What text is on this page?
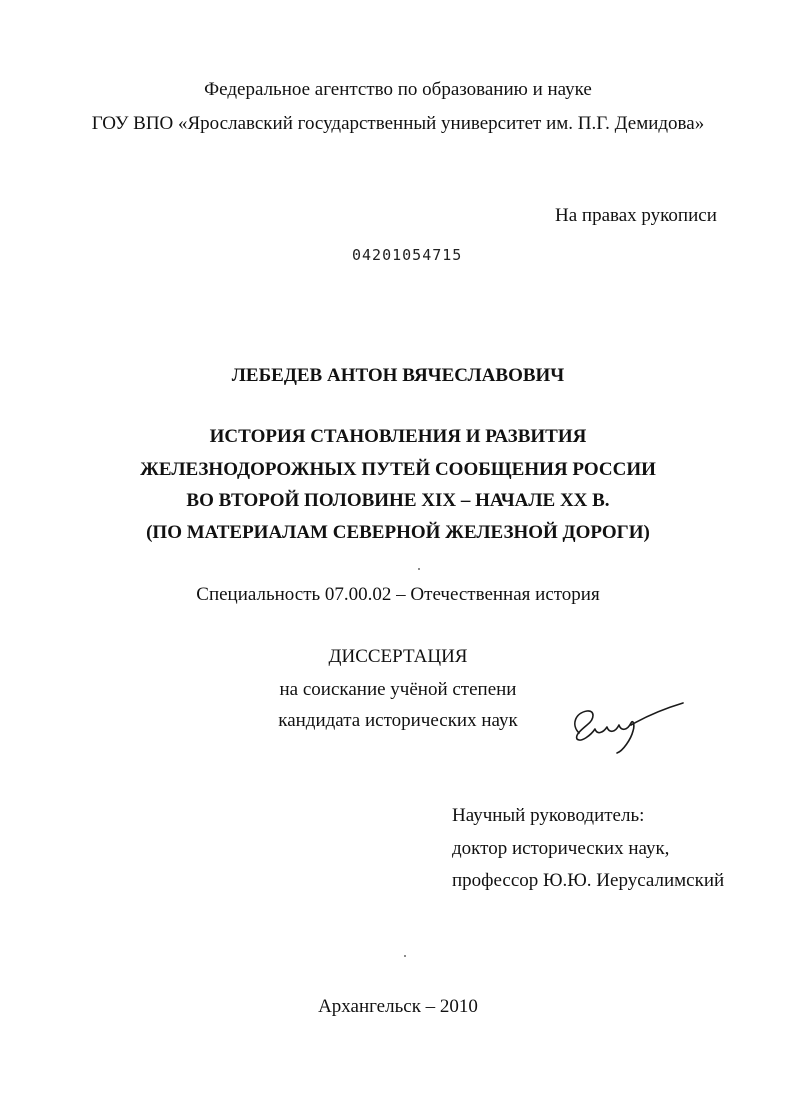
Федеральное агентство по образованию и науке
ГОУ ВПО «Ярославский государственный университет им. П.Г. Демидова»
На правах рукописи
04201054715
ЛЕБЕДЕВ АНТОН ВЯЧЕСЛАВОВИЧ
ИСТОРИЯ СТАНОВЛЕНИЯ И РАЗВИТИЯ
ЖЕЛЕЗНОДОРОЖНЫХ ПУТЕЙ СООБЩЕНИЯ РОССИИ
ВО ВТОРОЙ ПОЛОВИНЕ XIX – НАЧАЛЕ XX В.
(ПО МАТЕРИАЛАМ СЕВЕРНОЙ ЖЕЛЕЗНОЙ ДОРОГИ)
Специальность 07.00.02 – Отечественная история
ДИССЕРТАЦИЯ
на соискание учёной степени
кандидата исторических наук
Научный руководитель:
доктор исторических наук,
профессор Ю.Ю. Иерусалимский
Архангельск – 2010
